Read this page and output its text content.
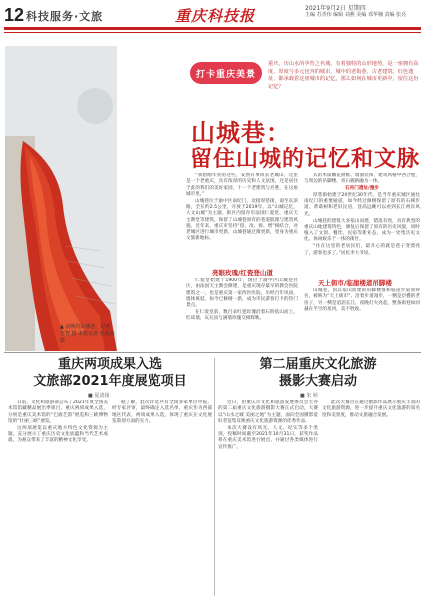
12 科技服务·文旅	重庆科技报	2021年9月2日 星期四
主编 苏青伟 编辑 刘燕 美编 邓华楠 责编 张亮
▲ 夜晚的山城巷。记者 王智 摄 本报记者 张亮亮 摄
打卡重庆美景
重庆，历山水所孕育之名城，有着独特的山形地势，是一座拥有高度、厚度与多元包容的城市，城中的老街巷、古老建筑、红色遗址，都承载着这座城市的记忆，那么如何在城市更新中，留住这份记忆？
山城巷：
留住山城的记忆和文脉

“我想刚毕业的这些，安然有事回去老城山，这里是一个老重庆，具有浓厚的历史和人文氛围，还是居住于此的我们的美好家园，十一个老建筑与名胜，在这座城市里。”

山城巷位于渝中区南纪门，北接厚慈街，南至长滨路，全长约2.5公里，开放于2019年，以“山城记忆，人文山城”为主题，街区内留存有法国仁爱堂、重庆天主教堂等建筑，保留了山城巷原有的巷道肌理与建筑风貌。近年来，重庆市坚持“留、改、拆、增”相结合，对老城区进行城市更新，山城巷通过微更新，变身为重庆文旅新地标。

亮眼玫瑰/红瓷登山道

仁爱堂始建于1900年，现位于渝中区山城巷社区，由法国天主教会修建，是重庆现存最早的教会医院建筑之一，也是重庆第一家西医医院，历经百年风雨，墙体斑驳，如今已修缮一新，成为市民游客打卡的热门景点。

在仁爱堂前，数百朵红瓷玫瑰沿着石阶依山而上，红砖墙、灰瓦顶与满墙玫瑰交相辉映。

式的木质雕花窗框、墙面装饰，建筑风格中西合璧，与周边的吊脚楼、青石板路融为一体。

石肖门遗址/漫步

厚慈街始建于20世纪30年代，是当年重庆城区通往南纪门的重要通道，如今经过修缮保留了原有的石梯步道、黄葛树和老旧民居，登高远眺可以看到长江两岸风光。

山城巷的建筑大多依山而建，错落有致，具有典型的重庆山地建筑特色，修复后保留了原有的历史风貌，同时植入了文创、餐饮、民宿等新业态，成为一处集历史文化、休闲娱乐于一体的街区。

“住在这里的老居民们，最开心的就是巷子变漂亮了，游客也多了。”居民李大爷说。

天上街市/临崖楼道吊脚楼

山城巷，因其依山而建的吊脚楼群和临崖步道而得名，被称为“天上街市”。沿着步道漫步，一侧是层叠的老房子，另一侧是滔滔长江，夜晚灯火亮起，整条街巷如同悬在半空的星河，美不胜收。

重庆两项成果入选
文旅部2021年度展览项目
■ 夏清扬

日前，文化和旅游部公布了2021年度全国美术馆馆藏精品展出季项目，重庆两项成果入选，分别是重庆美术馆的“巴渝艺韵”展览和三峡博物馆的“壮丽三峡”展览。

这两项展览以重庆地方特色文化资源为主题，充分展示了重庆历史文化底蕴和当代艺术成就，为观众带来了丰富的精神文化享受。

据了解，此次评选共有全国多家单位申报，经专家评审，最终确定入选名单，重庆作为西部地区代表，两项成果入选，体现了重庆在文化展览策划方面的实力。

第二届重庆文化旅游
摄影大赛启动
■ 朱 婷

近日，由重庆市文化和旅游发展委员会主办的第二届重庆文化旅游摄影大赛正式启动，大赛以“山水之城 美丽之地”为主题，面向全国摄影爱好者征集反映重庆文化旅游资源的优秀作品。

本次大赛设有风光、人文、纪实等多个类别，投稿时间截至2021年10月31日，获奖作品将在重庆美术馆进行展出，并通过各类媒体进行宣传推广。

此次大赛旨在通过摄影作品展示重庆丰富的文化旅游资源，进一步提升重庆文化旅游的知名度和美誉度，推动文旅融合发展。
